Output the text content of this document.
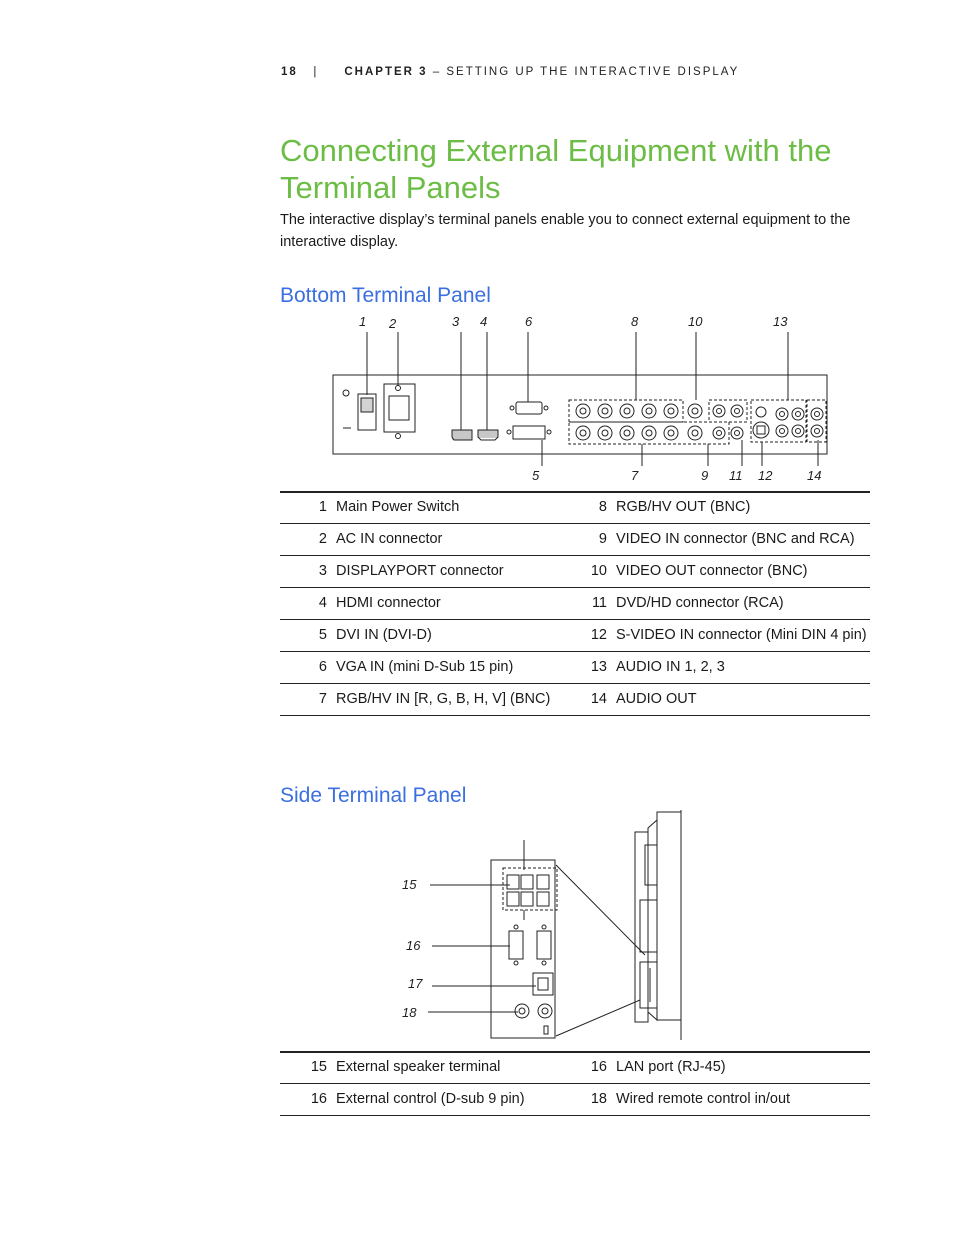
18 | CHAPTER 3 – SETTING UP THE INTERACTIVE DISPLAY
Connecting External Equipment with the Terminal Panels
The interactive display’s terminal panels enable you to connect external equipment to the interactive display.
Bottom Terminal Panel
1 2	3 4	6	8	10	13
5	7	9 11 12	14
1	Main Power Switch	8	RGB/HV OUT (BNC)
2	AC IN connector	9	VIDEO IN connector (BNC and RCA)
3	DISPLAYPORT connector	10	VIDEO OUT connector (BNC)
4	HDMI connector	11	DVD/HD connector (RCA)
5	DVI IN (DVI-D)	12	S-VIDEO IN connector (Mini DIN 4 pin)
6	VGA IN (mini D-Sub 15 pin)	13	AUDIO IN 1, 2, 3
7	RGB/HV IN [R, G, B, H, V] (BNC)	14	AUDIO OUT
Side Terminal Panel
15
16
17
18
15	External speaker terminal	16	LAN port (RJ-45)
16	External control (D-sub 9 pin)	18	Wired remote control in/out
